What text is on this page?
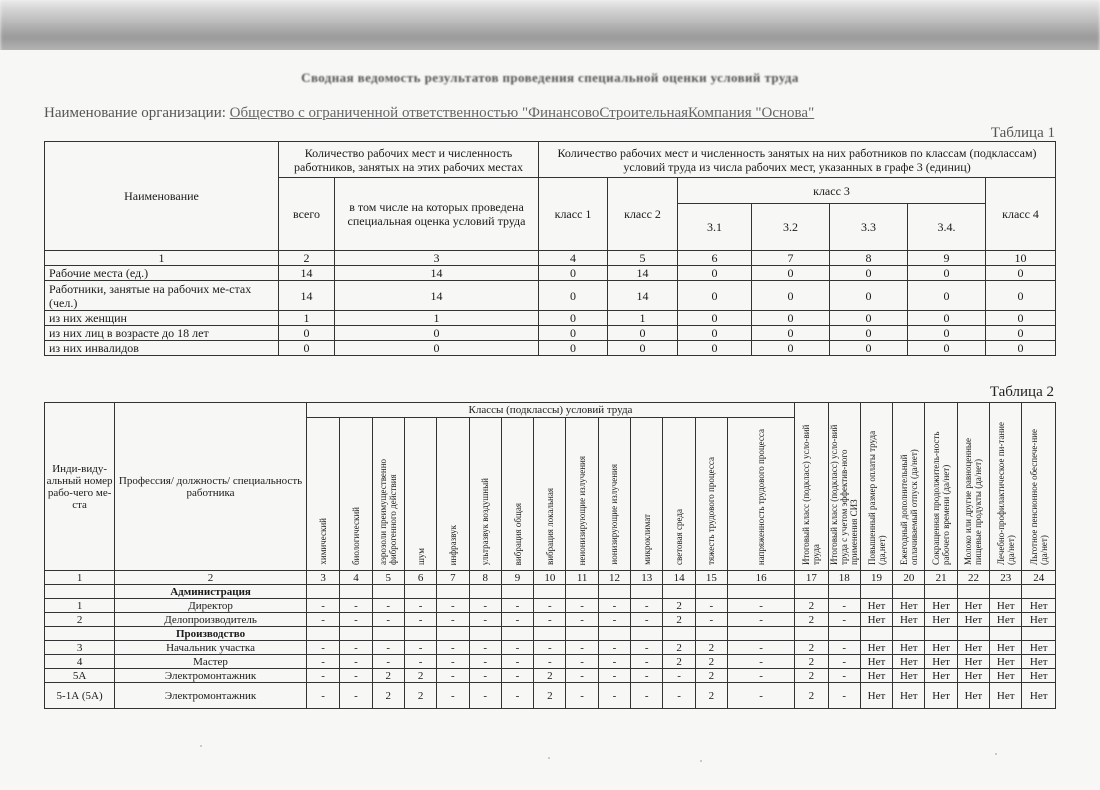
Сводная ведомость результатов проведения специальной оценки условий труда
Наименование организации: Общество с ограниченной ответственностью "ФинансовоСтроительнаяКомпания "Основа"
Таблица 1
Наименование	Количество рабочих мест и численность работников, занятых на этих рабочих местах		Количество рабочих мест и численность занятых на них работников по классам (подклассам) условий труда из числа рабочих мест, указанных в графе 3 (единиц)						
	всего	в том числе на которых проведена специальная оценка условий труда	класс 1	класс 2	класс 3				класс 4
					3.1	3.2	3.3	3.4.	
1	2	3	4	5	6	7	8	9	10
Рабочие места (ед.)	14	14	0	14	0	0	0	0	0
Работники, занятые на рабочих ме-стах (чел.)	14	14	0	14	0	0	0	0	0
из них женщин	1	1	0	1	0	0	0	0	0
из них лиц в возрасте до 18 лет	0	0	0	0	0	0	0	0	0
из них инвалидов	0	0	0	0	0	0	0	0	0
Таблица 2
Инди-виду-альный номер рабо-чего ме-ста	Профессия/ должность/ специальность работника	Классы (подклассы) условий труда														Итоговый класс (подкласс) усло-вий труда	Итоговый класс (подкласс) усло-вий труда с учетом эффектив-ного применения СИЗ	Повышенный размер оплаты труда (да,нет)	Ежегодный дополнительный оплачиваемый отпуск (да/нет)	Сокращенная продолжитель-ность рабочего времени (да/нет)	Молоко или другие равноценные пищевые продукты (да/нет)	Лечебно-профилактическое пи-тание (да/нет)	Льготное пенсионное обеспече-ние (да/нет)
		химический	биологический	аэрозоли преимущественно фиброгенного действия	шум	инфразвук	ультразвук воздушный	вибрация общая	вибрация локальная	неионизирующие излучения	ионизирующие излучения	микроклимат	световая среда	тяжесть трудового процесса	напряженность трудового процесса								
1	2	3	4	5	6	7	8	9	10	11	12	13	14	15	16	17	18	19	20	21	22	23	24
	Администрация																						
1	Директор	-	-	-	-	-	-	-	-	-	-	-	2	-	-	2	-	Нет	Нет	Нет	Нет	Нет	Нет
2	Делопроизводитель	-	-	-	-	-	-	-	-	-	-	-	2	-	-	2	-	Нет	Нет	Нет	Нет	Нет	Нет
	Производство																						
3	Начальник участка	-	-	-	-	-	-	-	-	-	-	-	2	2	-	2	-	Нет	Нет	Нет	Нет	Нет	Нет
4	Мастер	-	-	-	-	-	-	-	-	-	-	-	2	2	-	2	-	Нет	Нет	Нет	Нет	Нет	Нет
5А	Электромонтажник	-	-	2	2	-	-	-	2	-	-	-	-	2	-	2	-	Нет	Нет	Нет	Нет	Нет	Нет
5-1А (5А)	Электромонтажник	-	-	2	2	-	-	-	2	-	-	-	-	2	-	2	-	Нет	Нет	Нет	Нет	Нет	Нет
